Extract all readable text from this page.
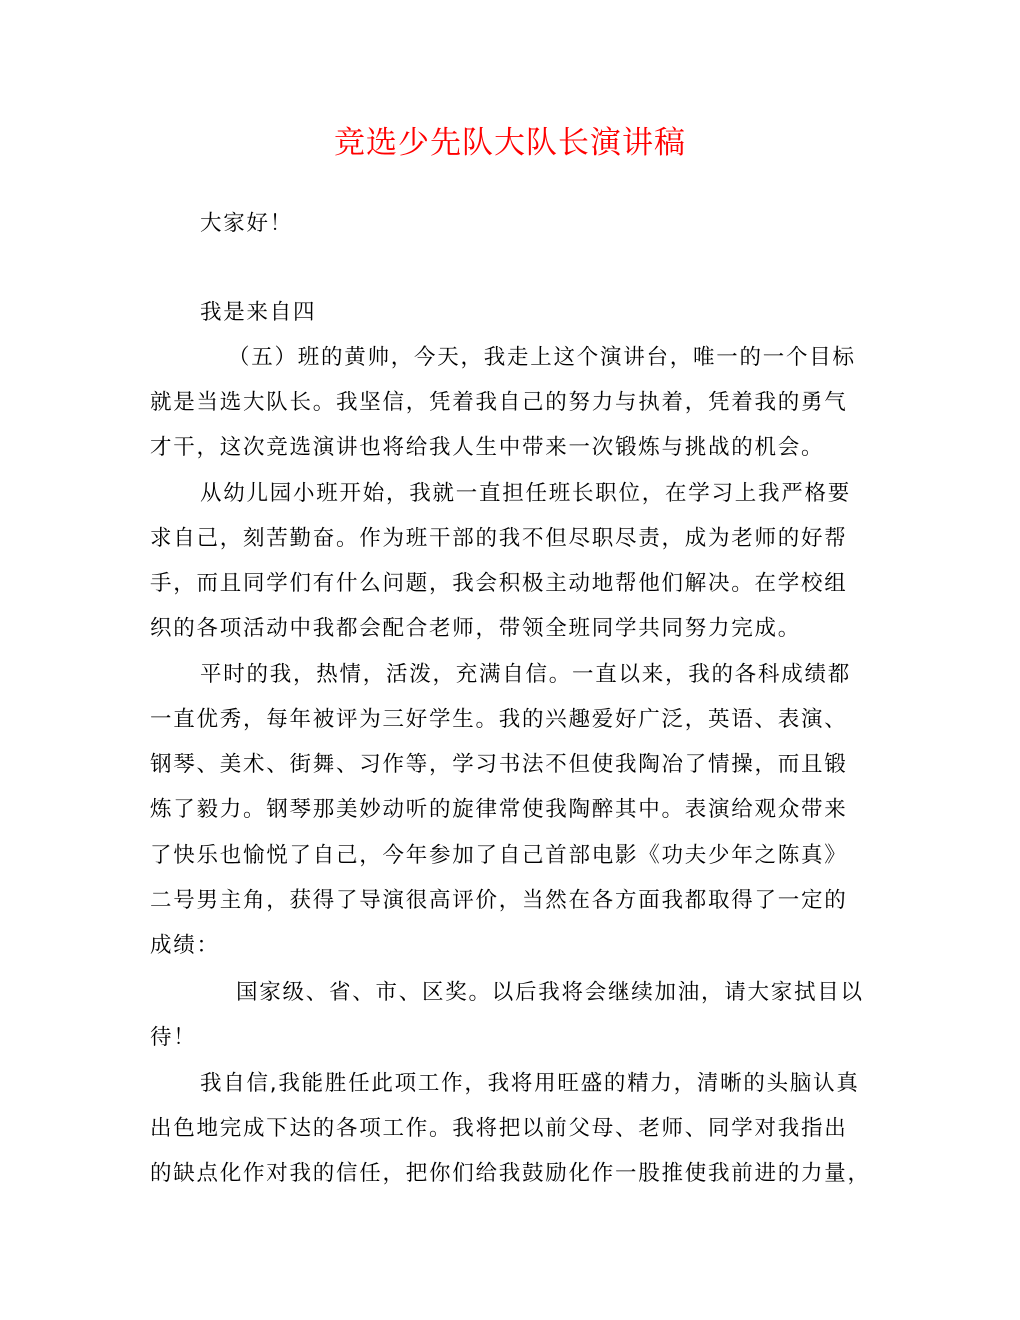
竞选少先队大队长演讲稿

大家好！

我是来自四

（五）班的黄帅，今天，我走上这个演讲台，唯一的一个目标

就是当选大队长。我坚信，凭着我自己的努力与执着，凭着我的勇气

才干，这次竞选演讲也将给我人生中带来一次锻炼与挑战的机会。

从幼儿园小班开始，我就一直担任班长职位，在学习上我严格要

求自己，刻苦勤奋。作为班干部的我不但尽职尽责，成为老师的好帮

手，而且同学们有什么问题，我会积极主动地帮他们解决。在学校组

织的各项活动中我都会配合老师，带领全班同学共同努力完成。

平时的我，热情，活泼，充满自信。一直以来，我的各科成绩都

一直优秀，每年被评为三好学生。我的兴趣爱好广泛，英语、表演、

钢琴、美术、街舞、习作等，学习书法不但使我陶冶了情操，而且锻

炼了毅力。钢琴那美妙动听的旋律常使我陶醉其中。表演给观众带来

了快乐也愉悦了自己，今年参加了自己首部电影《功夫少年之陈真》

二号男主角，获得了导演很高评价，当然在各方面我都取得了一定的

成绩：

国家级、省、市、区奖。以后我将会继续加油，请大家拭目以

待！

我自信,我能胜任此项工作，我将用旺盛的精力，清晰的头脑认真

出色地完成下达的各项工作。我将把以前父母、老师、同学对我指出

的缺点化作对我的信任，把你们给我鼓励化作一股推使我前进的力量，
